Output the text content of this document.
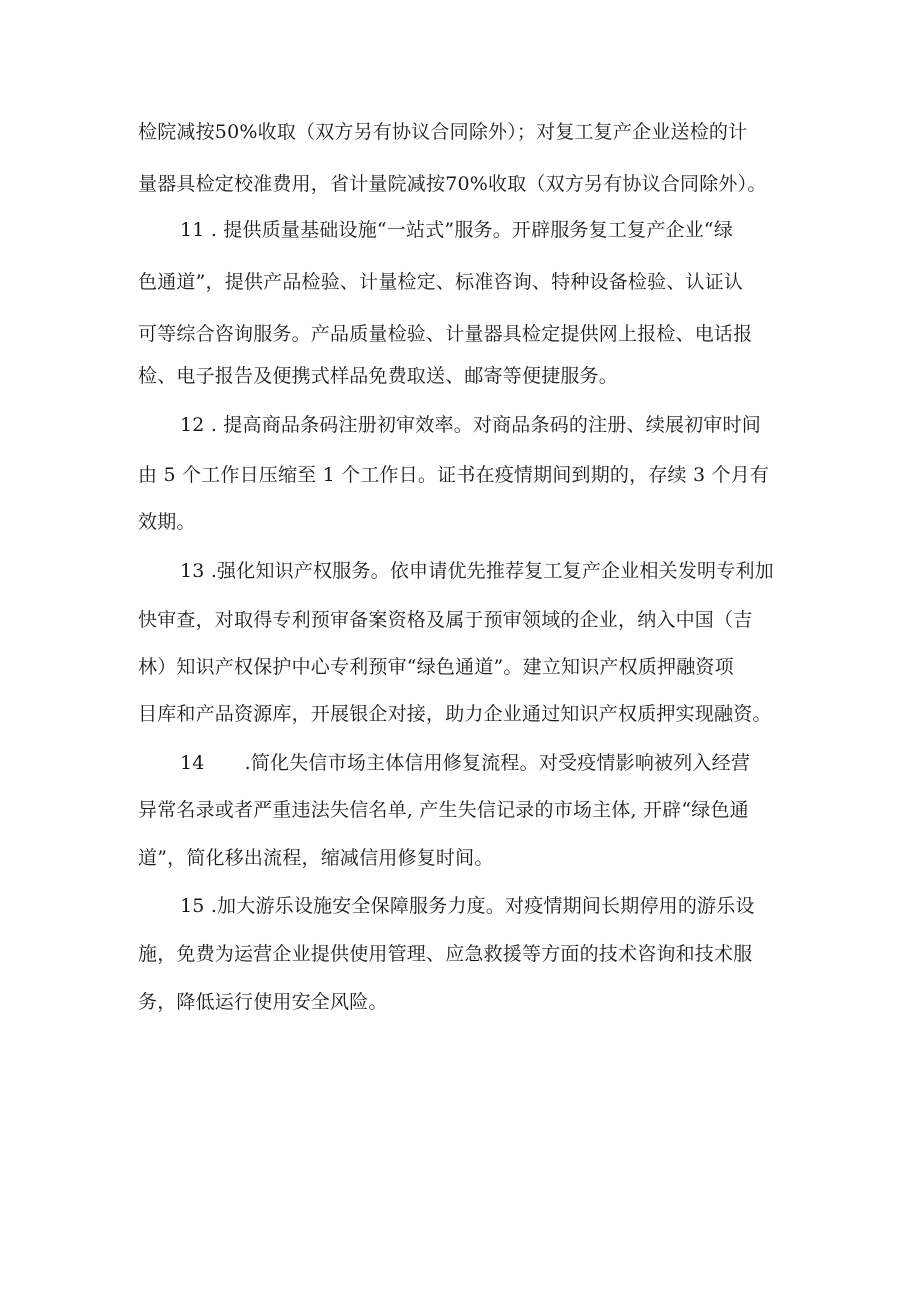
检院减按50%收取（双方另有协议合同除外）；对复工复产企业送检的计
量器具检定校准费用，省计量院减按70%收取（双方另有协议合同除外）。
11 . 提供质量基础设施“一站式”服务。开辟服务复工复产企业“绿
色通道”，提供产品检验、计量检定、标准咨询、特种设备检验、认证认
可等综合咨询服务。产品质量检验、计量器具检定提供网上报检、电话报
检、电子报告及便携式样品免费取送、邮寄等便捷服务。
12 . 提高商品条码注册初审效率。对商品条码的注册、续展初审时间
由 5 个工作日压缩至 1 个工作日。证书在疫情期间到期的，存续 3 个月有
效期。
13 .强化知识产权服务。依申请优先推荐复工复产企业相关发明专利加
快审查，对取得专利预审备案资格及属于预审领域的企业，纳入中国（吉
林）知识产权保护中心专利预审“绿色通道”。建立知识产权质押融资项
目库和产品资源库，开展银企对接，助力企业通过知识产权质押实现融资。
14 .简化失信市场主体信用修复流程。对受疫情影响被列入经营
异常名录或者严重违法失信名单, 产生失信记录的市场主体, 开辟“绿色通
道”，简化移出流程，缩减信用修复时间。
15 .加大游乐设施安全保障服务力度。对疫情期间长期停用的游乐设
施，免费为运营企业提供使用管理、应急救援等方面的技术咨询和技术服
务，降低运行使用安全风险。
